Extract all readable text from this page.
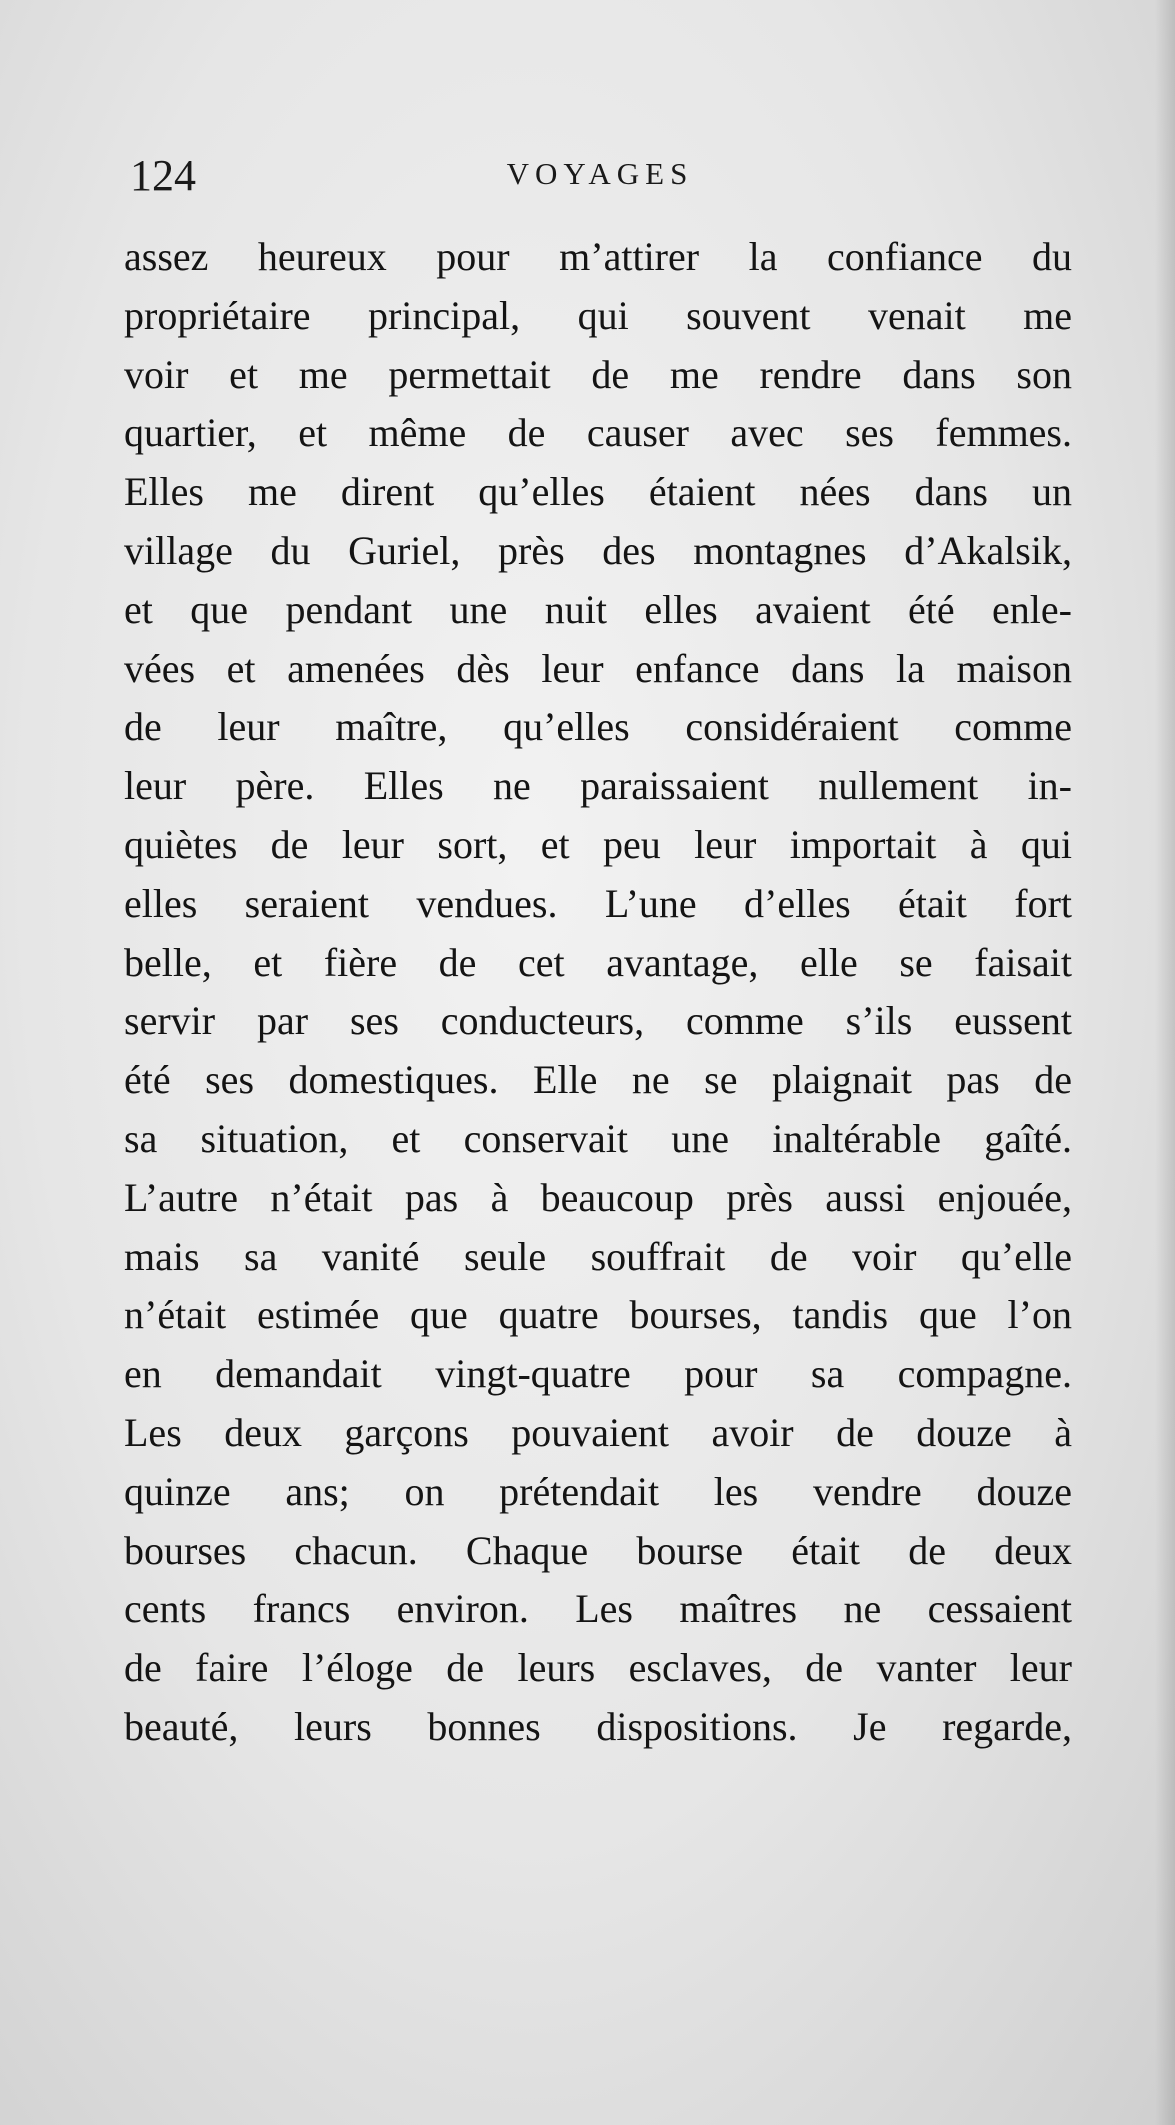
124	VOYAGES
assez heureux pour m’attirer la confiance du
propriétaire principal, qui souvent venait me
voir et me permettait de me rendre dans son
quartier, et même de causer avec ses femmes.
Elles me dirent qu’elles étaient nées dans un
village du Guriel, près des montagnes d’Akalsik,
et que pendant une nuit elles avaient été enle-
vées et amenées dès leur enfance dans la maison
de leur maître, qu’elles considéraient comme
leur père. Elles ne paraissaient nullement in-
quiètes de leur sort, et peu leur importait à qui
elles seraient vendues. L’une d’elles était fort
belle, et fière de cet avantage, elle se faisait
servir par ses conducteurs, comme s’ils eussent
été ses domestiques. Elle ne se plaignait pas de
sa situation, et conservait une inaltérable gaîté.
L’autre n’était pas à beaucoup près aussi enjouée,
mais sa vanité seule souffrait de voir qu’elle
n’était estimée que quatre bourses, tandis que l’on
en demandait vingt-quatre pour sa compagne.
Les deux garçons pouvaient avoir de douze à
quinze ans; on prétendait les vendre douze
bourses chacun. Chaque bourse était de deux
cents francs environ. Les maîtres ne cessaient
de faire l’éloge de leurs esclaves, de vanter leur
beauté, leurs bonnes dispositions. Je regarde,
